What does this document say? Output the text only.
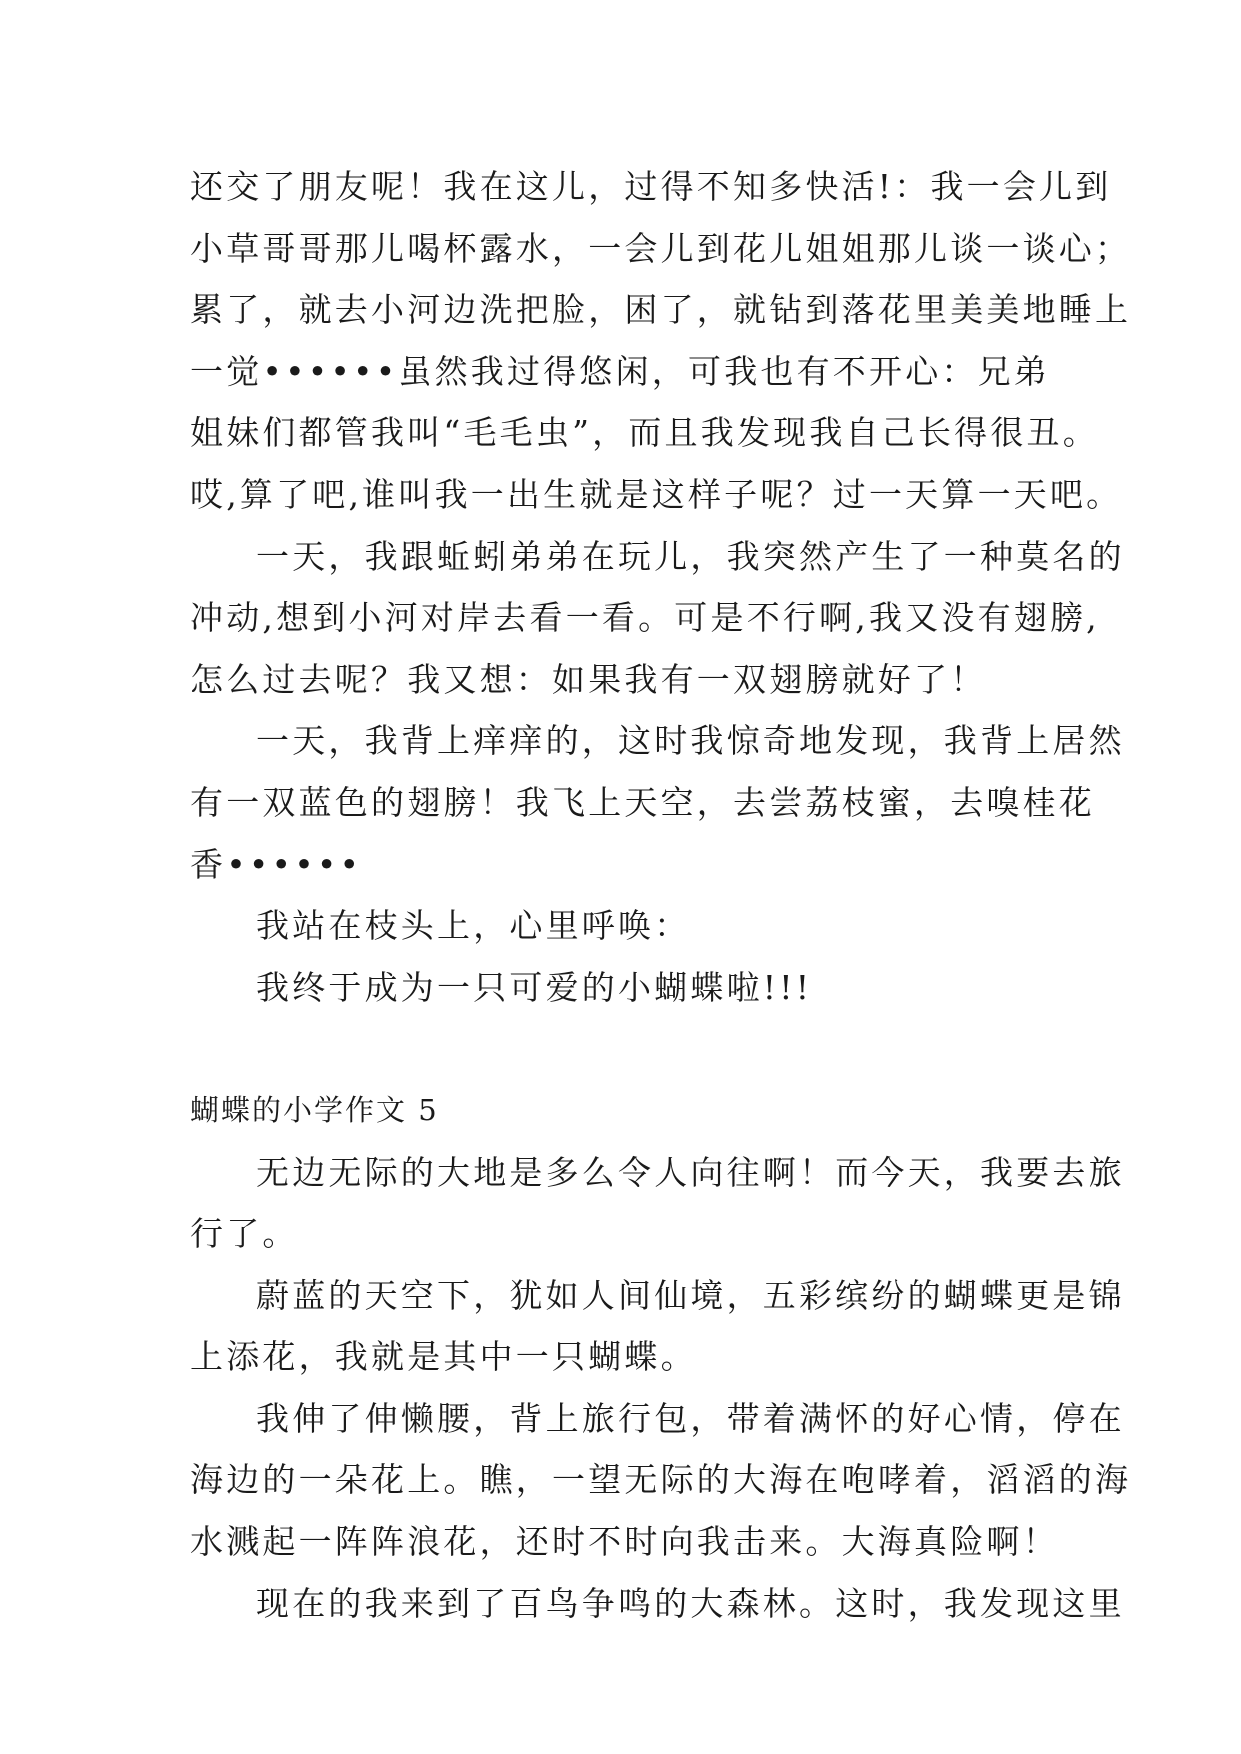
还交了朋友呢！我在这儿，过得不知多快活!：我一会儿到
小草哥哥那儿喝杯露水，一会儿到花儿姐姐那儿谈一谈心；
累了，就去小河边洗把脸，困了，就钻到落花里美美地睡上
一觉••••••虽然我过得悠闲，可我也有不开心：兄弟
姐妹们都管我叫“毛毛虫”，而且我发现我自己长得很丑。
哎,算了吧,谁叫我一出生就是这样子呢？过一天算一天吧。
一天，我跟蚯蚓弟弟在玩儿，我突然产生了一种莫名的
冲动,想到小河对岸去看一看。可是不行啊,我又没有翅膀,
怎么过去呢？我又想：如果我有一双翅膀就好了！
一天，我背上痒痒的，这时我惊奇地发现，我背上居然
有一双蓝色的翅膀！我飞上天空，去尝荔枝蜜，去嗅桂花
香••••••
我站在枝头上，心里呼唤：
我终于成为一只可爱的小蝴蝶啦!!!
蝴蝶的小学作文 5
无边无际的大地是多么令人向往啊！而今天，我要去旅
行了。
蔚蓝的天空下，犹如人间仙境，五彩缤纷的蝴蝶更是锦
上添花，我就是其中一只蝴蝶。
我伸了伸懒腰，背上旅行包，带着满怀的好心情，停在
海边的一朵花上。瞧，一望无际的大海在咆哮着，滔滔的海
水溅起一阵阵浪花，还时不时向我击来。大海真险啊！
现在的我来到了百鸟争鸣的大森林。这时，我发现这里
